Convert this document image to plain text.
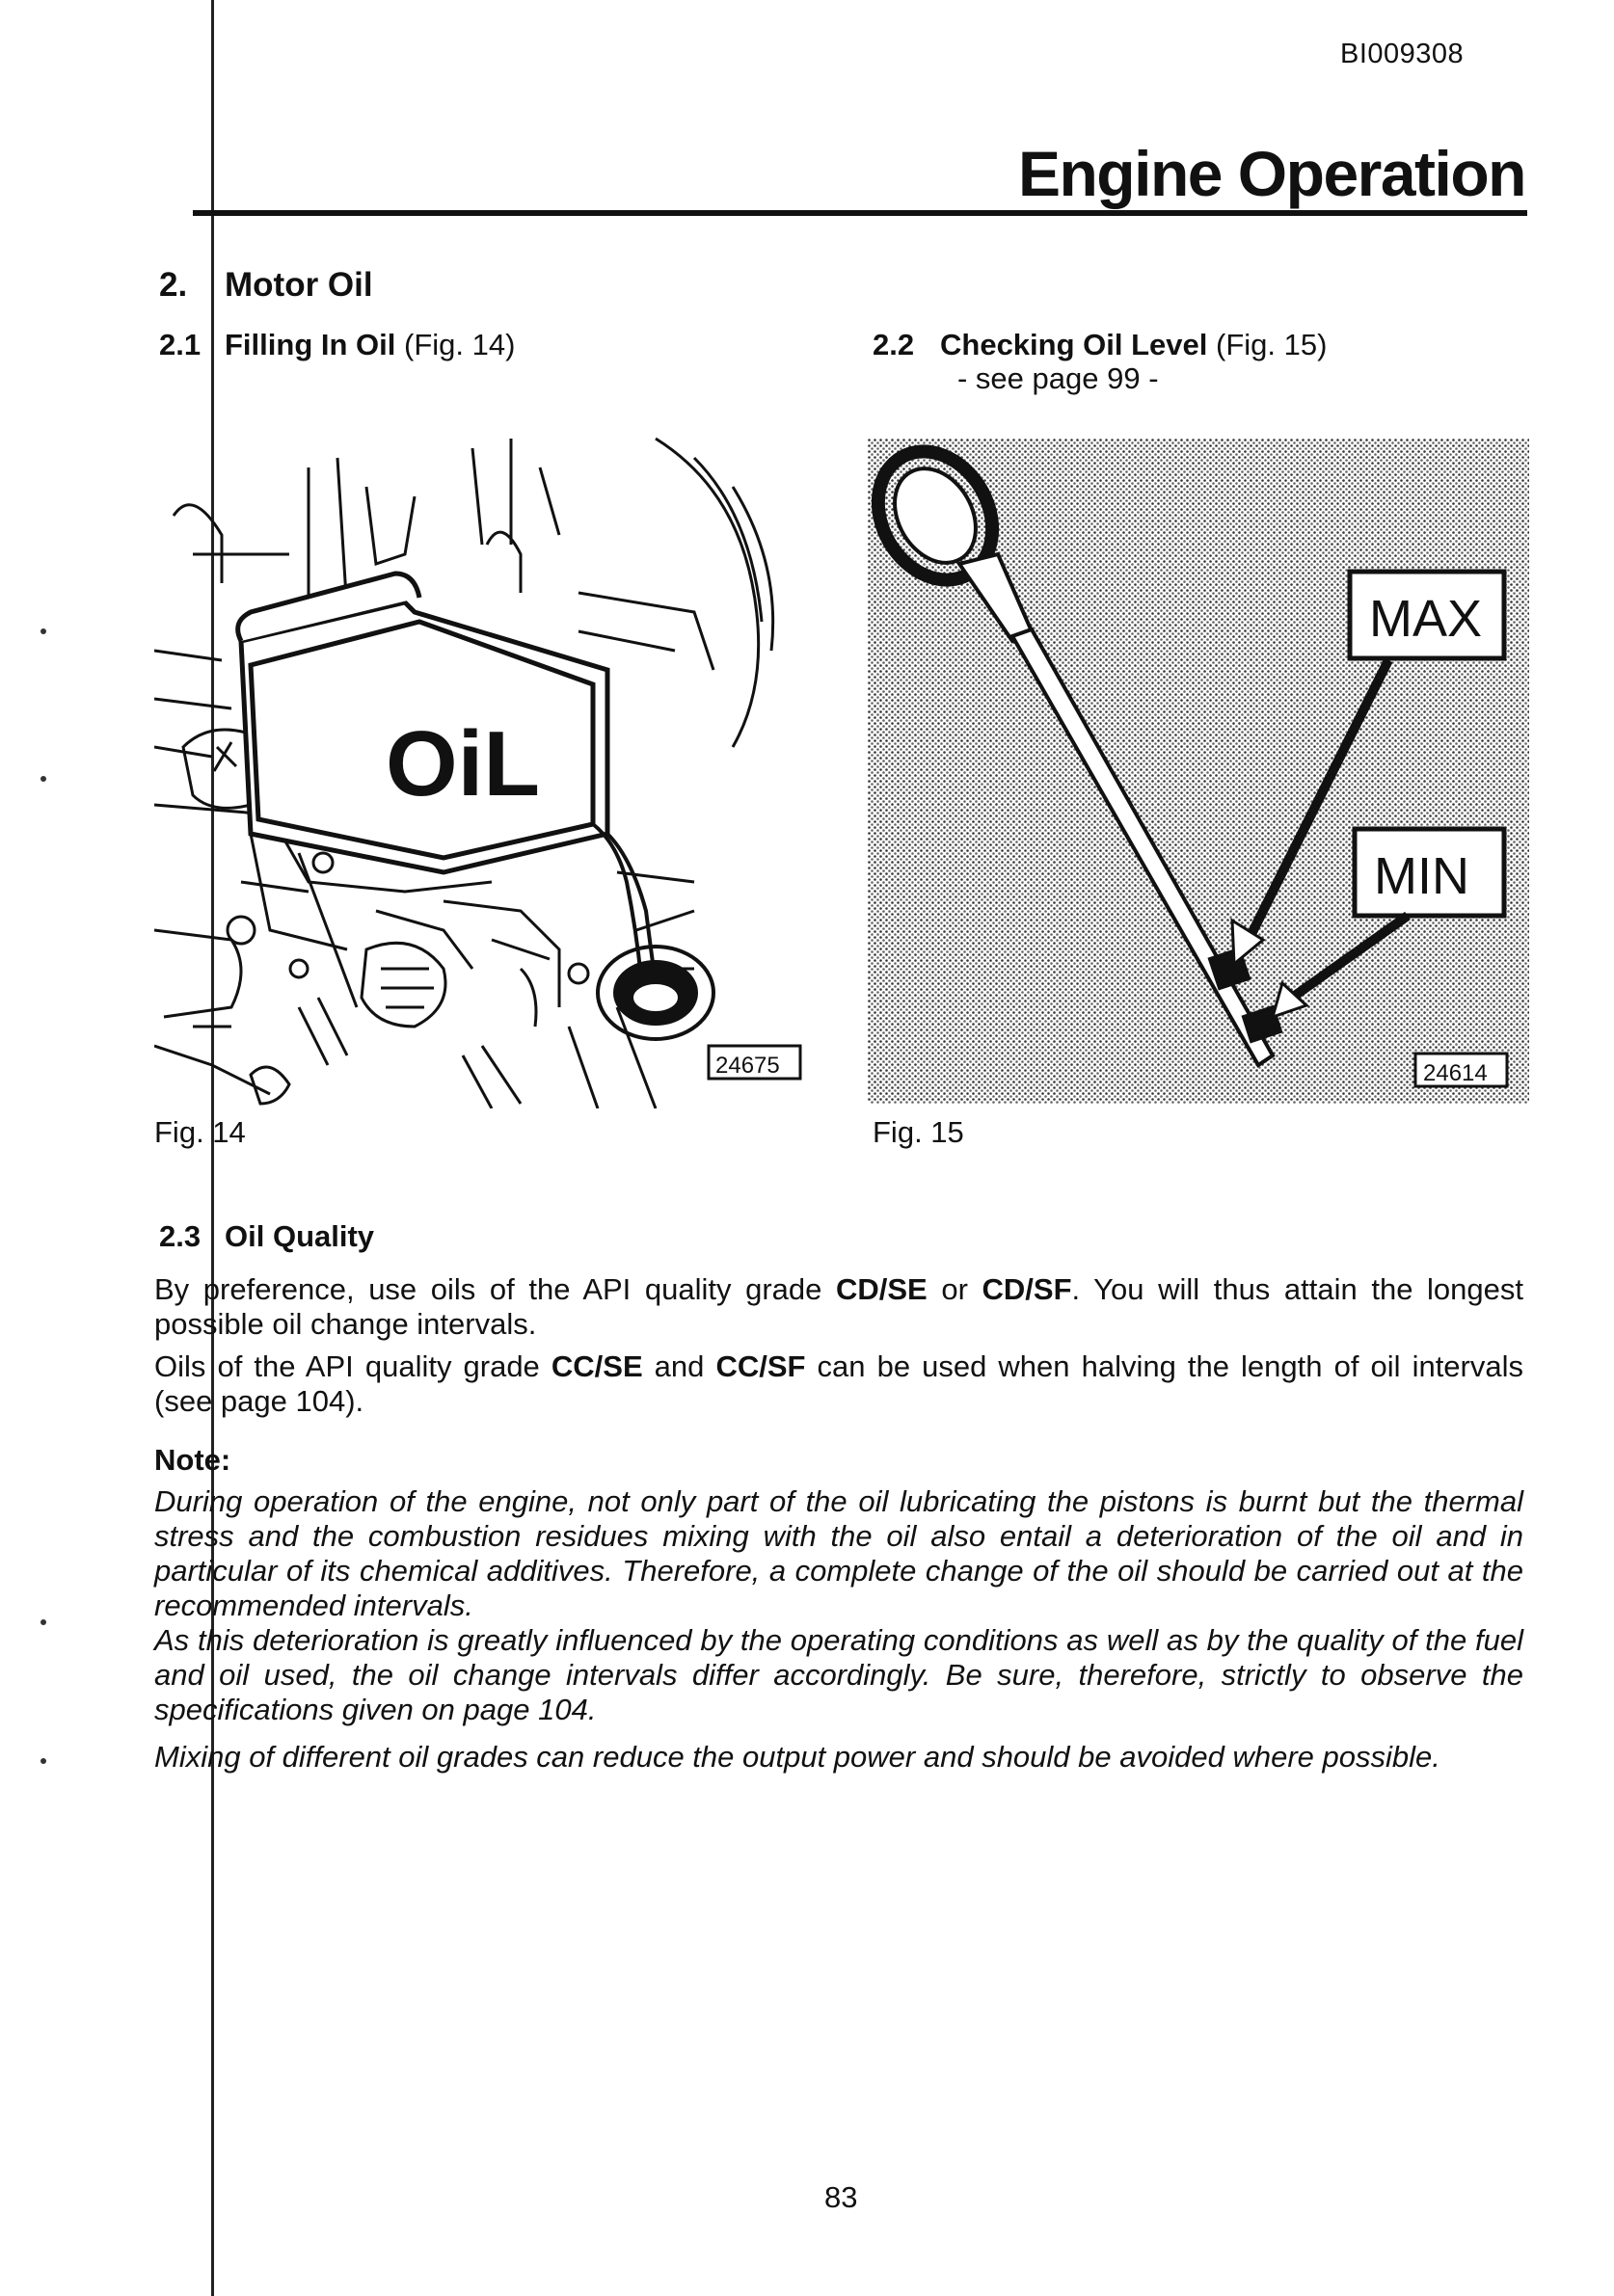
BI009308
Engine Operation
2. Motor Oil
2.1 Filling In Oil (Fig. 14)	2.2 Checking Oil Level (Fig. 15)
- see page 99 -
OiL
24675
MAX
MIN
24614
Fig. 14	Fig. 15
2.3 Oil Quality
By preference, use oils of the API quality grade CD/SE or CD/SF. You will thus attain the longest possible oil change intervals.
Oils of the API quality grade CC/SE and CC/SF can be used when halving the length of oil intervals (see page 104).
Note:
During operation of the engine, not only part of the oil lubricating the pistons is burnt but the thermal stress and the combustion residues mixing with the oil also entail a deterioration of the oil and in particular of its chemical additives. Therefore, a complete change of the oil should be carried out at the recommended intervals.
As this deterioration is greatly influenced by the operating conditions as well as by the quality of the fuel and oil used, the oil change intervals differ accordingly. Be sure, therefore, strictly to observe the specifications given on page 104.
Mixing of different oil grades can reduce the output power and should be avoided where possible.
83
